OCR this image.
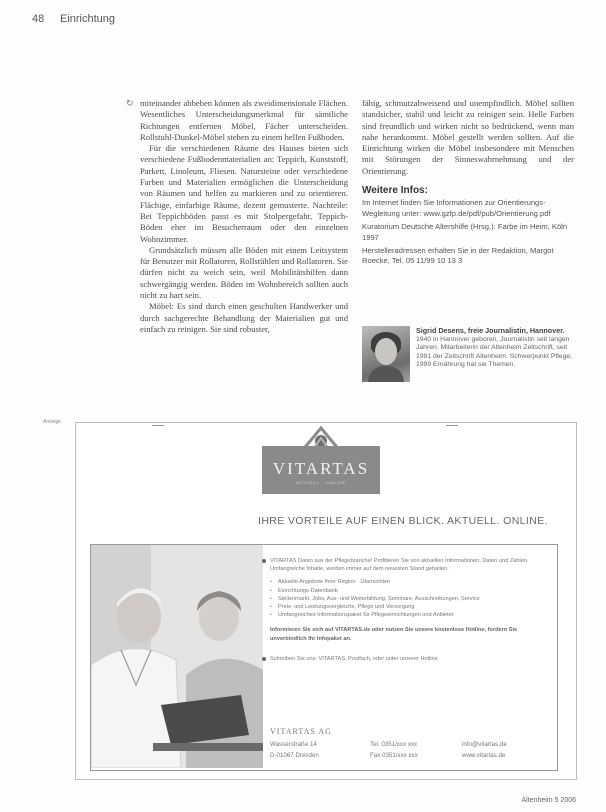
48 Einrichtung
↻ miteinander abbeben können als zweidimensionale Flächen. Wesentliches Unterscheidungsmerkmal für sämtliche Richtungen entfernen Möbel, Fächer unterscheiden. Rollstuhl-Dunkel-Möbel stehen zu einem hellen Fußboden.

Für die verschiedenen Räume des Hauses bieten sich verschiedene Fußbodenmaterialien an: Teppich, Kunststoff, Parkett, Linoleum, Fliesen. Natursteine oder verschiedene Farben und Materialien ermöglichen die Unterscheidung von Räumen und helfen zu markieren und zu orientieren. Flächige, einfarbige Räume, dezent gemusterte. Nachteile: Bei Teppichböden passt es mit Stolpergefahr, Teppich-Böden eher im Besucherraum oder den einzelnen Wohnzimmer.

Grundsätzlich müssen alle Böden mit einem Leitsystem für Benutzer mit Rollatoren, Rollstühlen und Rollatoren. Sie dürfen nicht zu weich sein, weil Mobilitätshilfen dann schwergängig werden. Böden im Wohnbereich sollten auch nicht zu hart sein.

Möbel: Es sind durch einen geschulten Handwerker und durch sachgerechte Behandlung der Materialien gut und einfach zu reinigen. Sie sind robuster,

fähig, schmutzabweisend und unempfindlich. Möbel sollten standsicher, stabil und leicht zu reinigen sein. Helle Farben sind freundlich und wirken nicht so bedrückend, wenn man nahe herankommt. Möbel gestellt werden sollten. Auf die Einrichtung wirken die Möbel insbesondere mit Menschen mit Störungen der Sinneswahrnehmung und der Orientierung.

Weitere Infos:
Im Internet finden Sie Informationen zur Orientierungs-Wegleitung unter: www.gzfp.de/pdf/pub/Orientierung.pdf
Kuratorium Deutsche Altershilfe (Hrsg.): Farbe im Heim, Köln 1997
Herstelleradressen erhalten Sie in der Redaktion, Margot Roecke, Tel. 05 11/99 10 13 3
Sigrid Desens, freie Journalistin, Hannover.
1940 in Hannover geboren, Journalistin seit langen Jahren. Mitarbeiterin der Altenheim Zeitschrift, seit 1991 der Zeitschrift Altenheim. Schwerpunkt Pflege, 1999 Ernährung hat sie Themen.
Anzeige
VITARTAS
AKTUELL · ONLINE
IHRE VORTEILE AUF EINEN BLICK. AKTUELL. ONLINE.
VITARTAS Daten aus der Pflegebranche! Profitieren Sie von aktuellen Informationen, Daten und Zahlen. Umfangreiche Inhalte, werden immer auf dem neuesten Stand gehalten.
• Aktuelle Angebote Ihrer Region · Übersichten
• Einrichtungs-Datenbank
• Stellenmarkt, Jobs, Aus- und Weiterbildung, Seminare, Ausschreibungen, Service
• Preis- und Leistungsvergleiche, Pflege und Versorgung
• Umfangreiches Informationspaket für Pflegeeinrichtungen und Anbieter
Informieren Sie sich auf VITARTAS.de oder nutzen Sie unsere kostenlose Hotline, fordern Sie unverbindlich Ihr Infopaket an.
Schreiben Sie uns: VITARTAS, Postfach, oder unter unserer Hotline
VITARTAS AG
Wasserstraße 14	Tel. 0351/xxx xxx	info@vitartas.de
D-01067 Dresden	Fax 0351/xxx xxx	www.vitartas.de
Altenheim 5 2006
